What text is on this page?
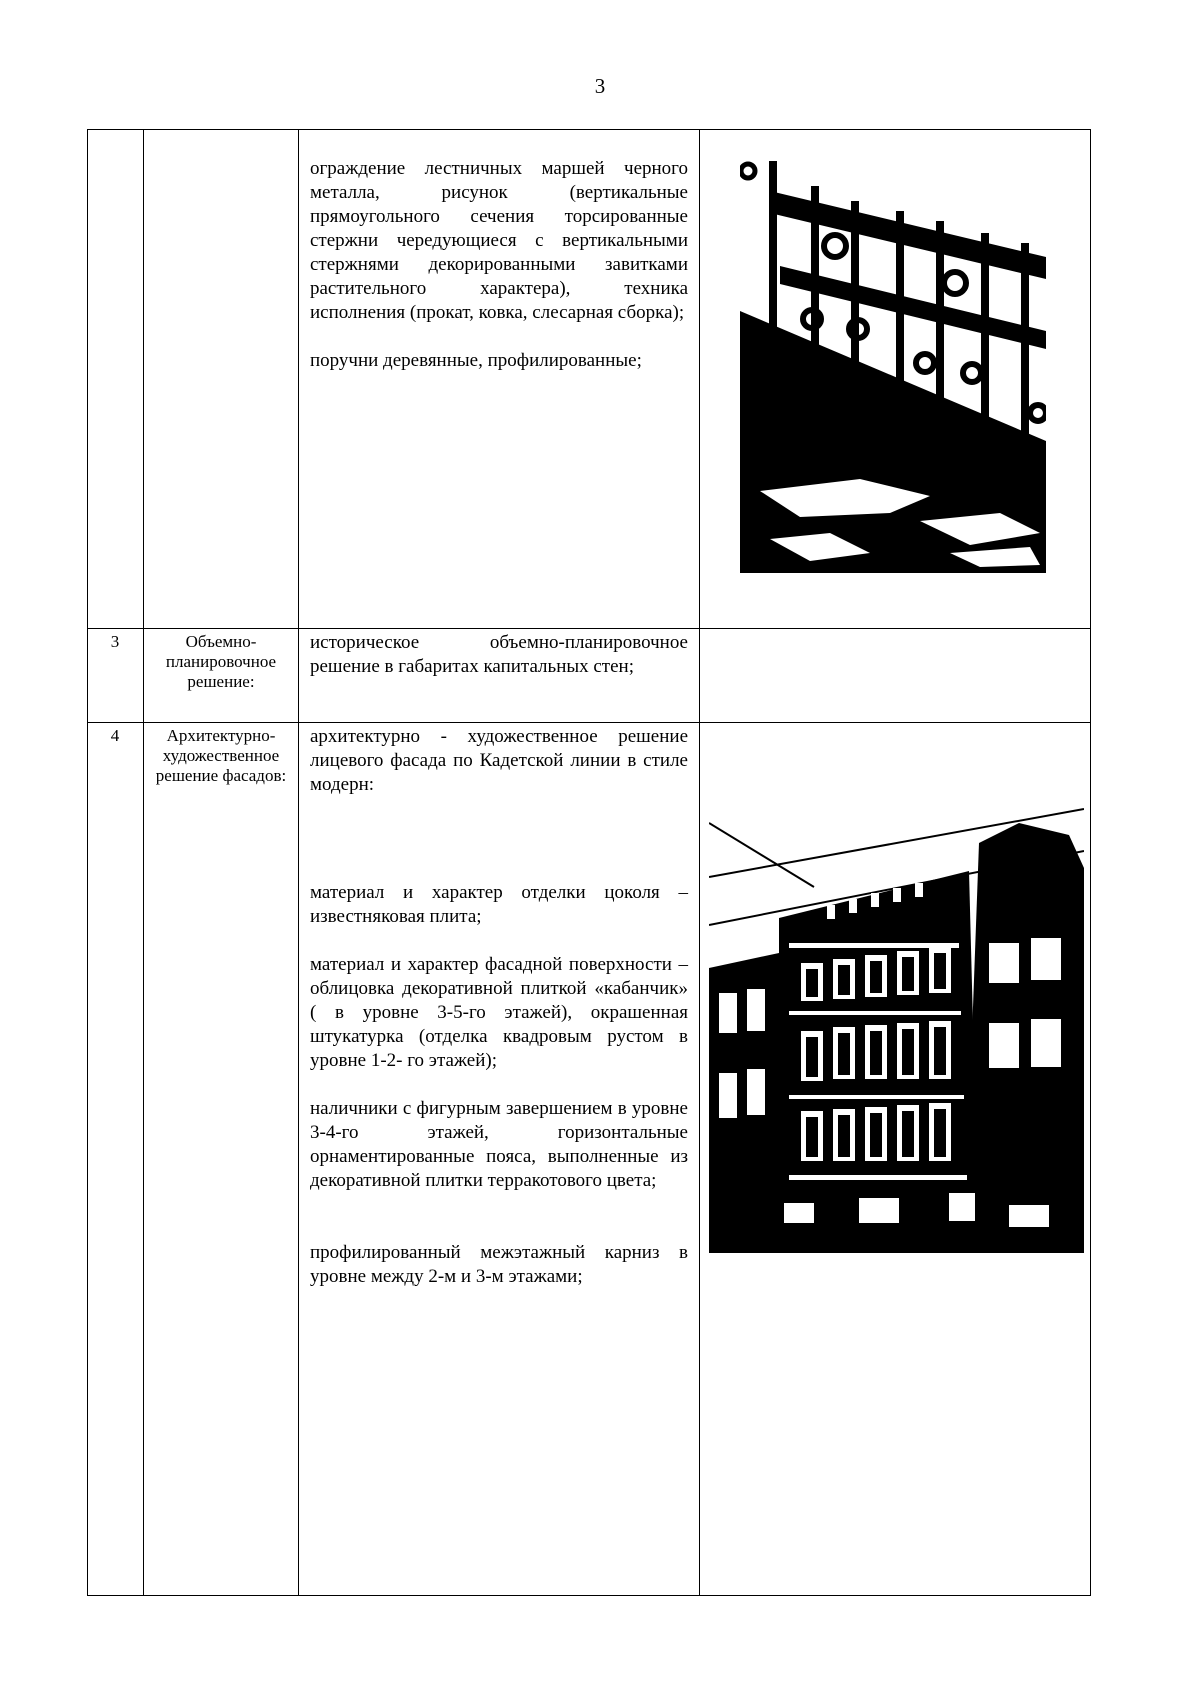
3

ограждение лестничных маршей черного металла, рисунок (вертикальные прямоугольного сечения торсированные стержни чередующиеся с вертикальными стержнями декорированными завитками растительного характера), техника исполнения (прокат, ковка, слесарная сборка);

поручни деревянные, профилированные;

3	Объемно-планировочное решение:

историческое объемно-планировочное решение в габаритах капитальных стен;

4	Архитектурно-художественное решение фасадов:

архитектурно - художественное решение лицевого фасада по Кадетской линии в стиле модерн:

материал и характер отделки цоколя – известняковая плита;

материал и характер фасадной поверхности – облицовка декоративной плиткой «кабанчик» ( в уровне 3-5-го этажей), окрашенная штукатурка (отделка квадровым рустом в уровне 1-2- го этажей);

наличники с фигурным завершением в уровне 3-4-го этажей, горизонтальные орнаментированные пояса, выполненные из декоративной плитки терракотового цвета;

профилированный межэтажный карниз в уровне между 2-м и 3-м этажами;
